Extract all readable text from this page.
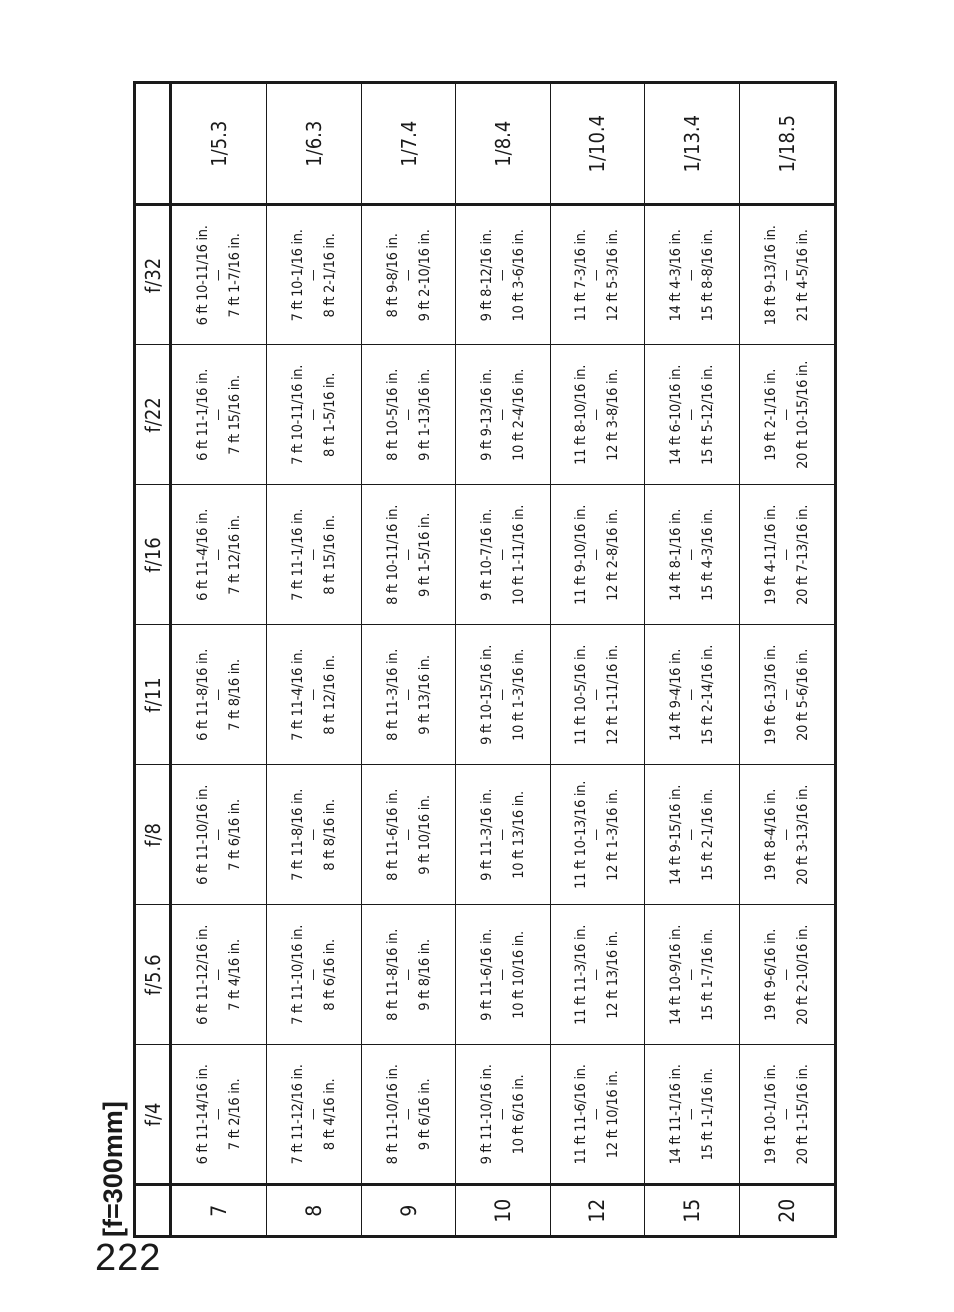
222
[f=300mm]
	f/4	f/5.6	f/8	f/11	f/16	f/22	f/32	
7	6 ft 11-14/16 in. — 7 ft 2/16 in.	6 ft 11-12/16 in. — 7 ft 4/16 in.	6 ft 11-10/16 in. — 7 ft 6/16 in.	6 ft 11-8/16 in. — 7 ft 8/16 in.	6 ft 11-4/16 in. — 7 ft 12/16 in.	6 ft 11-1/16 in. — 7 ft 15/16 in.	6 ft 10-11/16 in. — 7 ft 1-7/16 in.	1/5.3
8	7 ft 11-12/16 in. — 8 ft 4/16 in.	7 ft 11-10/16 in. — 8 ft 6/16 in.	7 ft 11-8/16 in. — 8 ft 8/16 in.	7 ft 11-4/16 in. — 8 ft 12/16 in.	7 ft 11-1/16 in. — 8 ft 15/16 in.	7 ft 10-11/16 in. — 8 ft 1-5/16 in.	7 ft 10-1/16 in. — 8 ft 2-1/16 in.	1/6.3
9	8 ft 11-10/16 in. — 9 ft 6/16 in.	8 ft 11-8/16 in. — 9 ft 8/16 in.	8 ft 11-6/16 in. — 9 ft 10/16 in.	8 ft 11-3/16 in. — 9 ft 13/16 in.	8 ft 10-11/16 in. — 9 ft 1-5/16 in.	8 ft 10-5/16 in. — 9 ft 1-13/16 in.	8 ft 9-8/16 in. — 9 ft 2-10/16 in.	1/7.4
10	9 ft 11-10/16 in. — 10 ft 6/16 in.	9 ft 11-6/16 in. — 10 ft 10/16 in.	9 ft 11-3/16 in. — 10 ft 13/16 in.	9 ft 10-15/16 in. — 10 ft 1-3/16 in.	9 ft 10-7/16 in. — 10 ft 1-11/16 in.	9 ft 9-13/16 in. — 10 ft 2-4/16 in.	9 ft 8-12/16 in. — 10 ft 3-6/16 in.	1/8.4
12	11 ft 11-6/16 in. — 12 ft 10/16 in.	11 ft 11-3/16 in. — 12 ft 13/16 in.	11 ft 10-13/16 in. — 12 ft 1-3/16 in.	11 ft 10-5/16 in. — 12 ft 1-11/16 in.	11 ft 9-10/16 in. — 12 ft 2-8/16 in.	11 ft 8-10/16 in. — 12 ft 3-8/16 in.	11 ft 7-3/16 in. — 12 ft 5-3/16 in.	1/10.4
15	14 ft 11-1/16 in. — 15 ft 1-1/16 in.	14 ft 10-9/16 in. — 15 ft 1-7/16 in.	14 ft 9-15/16 in. — 15 ft 2-1/16 in.	14 ft 9-4/16 in. — 15 ft 2-14/16 in.	14 ft 8-1/16 in. — 15 ft 4-3/16 in.	14 ft 6-10/16 in. — 15 ft 5-12/16 in.	14 ft 4-3/16 in. — 15 ft 8-8/16 in.	1/13.4
20	19 ft 10-1/16 in. — 20 ft 1-15/16 in.	19 ft 9-6/16 in. — 20 ft 2-10/16 in.	19 ft 8-4/16 in. — 20 ft 3-13/16 in.	19 ft 6-13/16 in. — 20 ft 5-6/16 in.	19 ft 4-11/16 in. — 20 ft 7-13/16 in.	19 ft 2-1/16 in. — 20 ft 10-15/16 in.	18 ft 9-13/16 in. — 21 ft 4-5/16 in.	1/18.5
